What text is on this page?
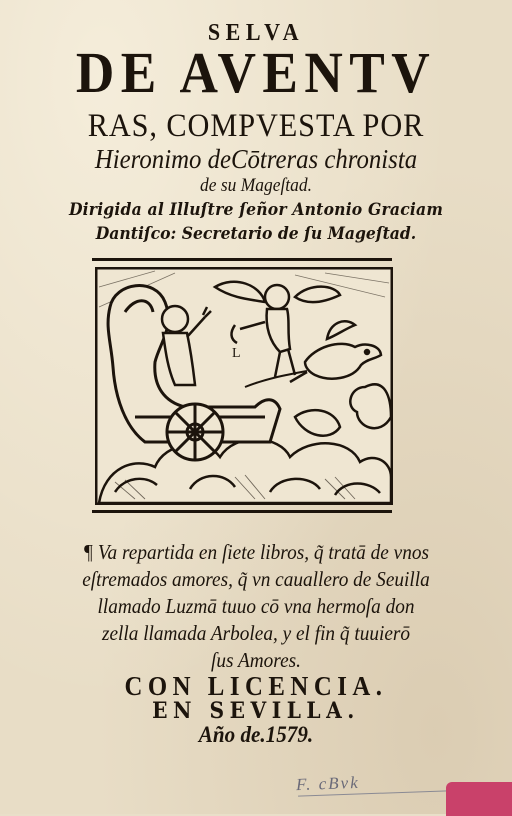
SELVA
DE AVENTV
RAS, COMPVESTA POR
Hieronimo deCōtreras chronista
de su Mageſtad.
Dirigida al Illuſtre ſeñor Antonio Graciam
Dantiſco: Secretario de ſu Mageſtad.
L
¶ Va repartida en ſiete libros, q̃ tratā de vnos
eſtremados amores, q̃ vn cauallero de Seuilla
llamado Luzmā tuuo cō vna hermoſa don
zella llamada Arbolea, y el fin q̃ tuuierō
ſus Amores.
CON LICENCIA.
EN SEVILLA.
Año de.1579.
F. cBvk
